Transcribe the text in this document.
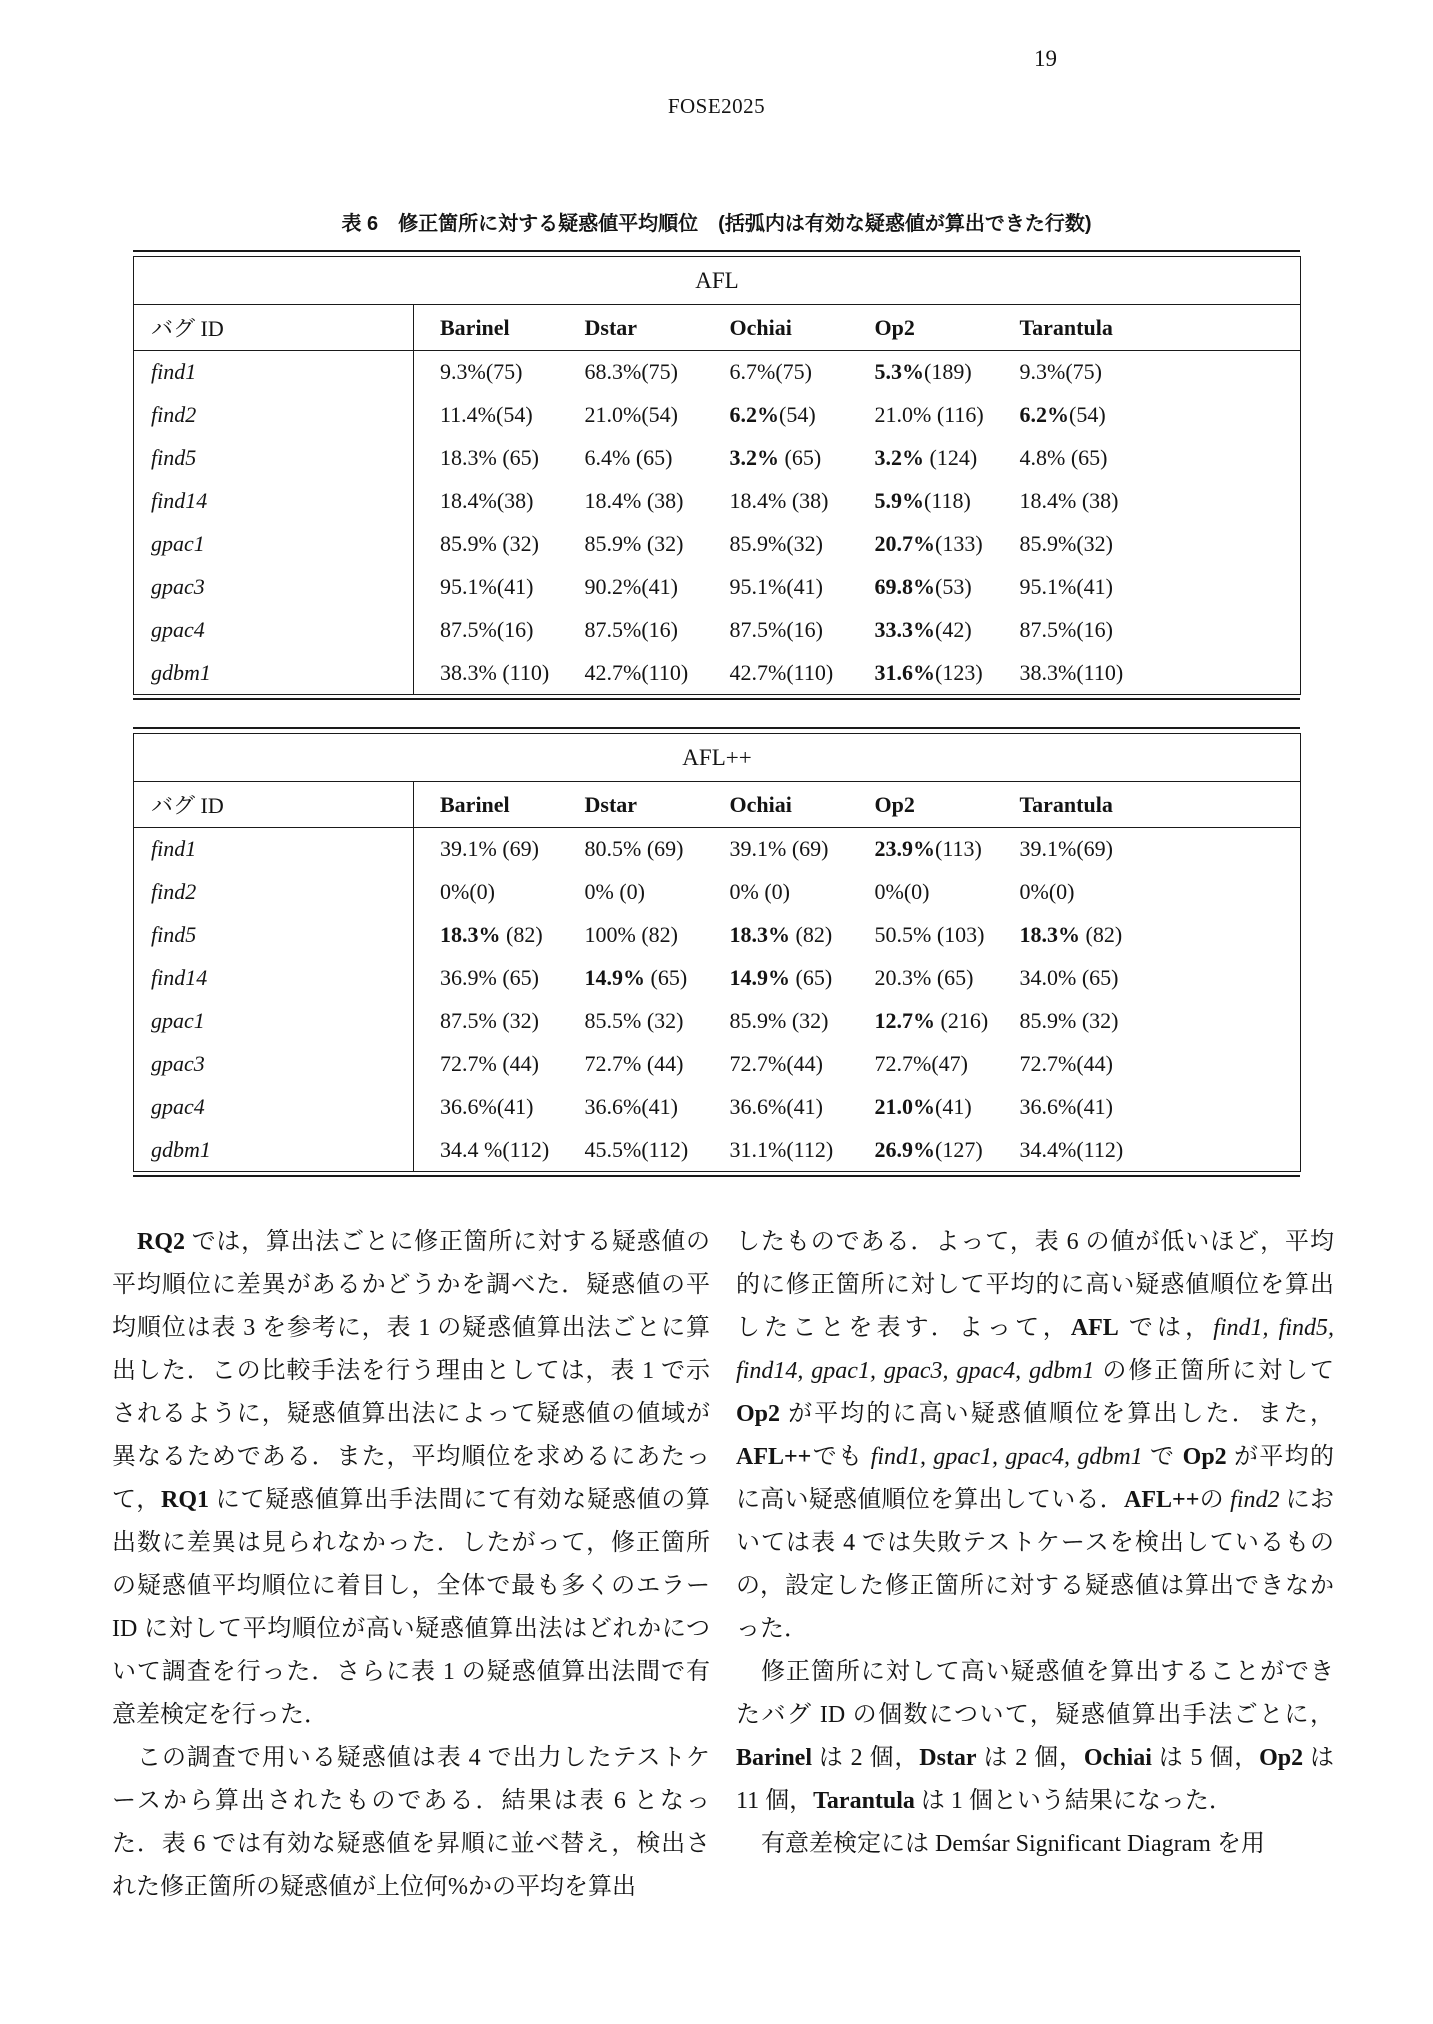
19
FOSE2025
表 6　修正箇所に対する疑惑値平均順位　(括弧内は有効な疑惑値が算出できた行数)
AFL					
バグ ID	Barinel	Dstar	Ochiai	Op2	Tarantula
find1	9.3%(75)	68.3%(75)	6.7%(75)	5.3%(189)	9.3%(75)
find2	11.4%(54)	21.0%(54)	6.2%(54)	21.0% (116)	6.2%(54)
find5	18.3% (65)	6.4% (65)	3.2% (65)	3.2% (124)	4.8% (65)
find14	18.4%(38)	18.4% (38)	18.4% (38)	5.9%(118)	18.4% (38)
gpac1	85.9% (32)	85.9% (32)	85.9%(32)	20.7%(133)	85.9%(32)
gpac3	95.1%(41)	90.2%(41)	95.1%(41)	69.8%(53)	95.1%(41)
gpac4	87.5%(16)	87.5%(16)	87.5%(16)	33.3%(42)	87.5%(16)
gdbm1	38.3% (110)	42.7%(110)	42.7%(110)	31.6%(123)	38.3%(110)
AFL++					
バグ ID	Barinel	Dstar	Ochiai	Op2	Tarantula
find1	39.1% (69)	80.5% (69)	39.1% (69)	23.9%(113)	39.1%(69)
find2	0%(0)	0% (0)	0% (0)	0%(0)	0%(0)
find5	18.3% (82)	100% (82)	18.3% (82)	50.5% (103)	18.3% (82)
find14	36.9% (65)	14.9% (65)	14.9% (65)	20.3% (65)	34.0% (65)
gpac1	87.5% (32)	85.5% (32)	85.9% (32)	12.7% (216)	85.9% (32)
gpac3	72.7% (44)	72.7% (44)	72.7%(44)	72.7%(47)	72.7%(44)
gpac4	36.6%(41)	36.6%(41)	36.6%(41)	21.0%(41)	36.6%(41)
gdbm1	34.4 %(112)	45.5%(112)	31.1%(112)	26.9%(127)	34.4%(112)

RQ2 では，算出法ごとに修正箇所に対する疑惑値の平均順位に差異があるかどうかを調べた．疑惑値の平均順位は表 3 を参考に，表 1 の疑惑値算出法ごとに算出した．この比較手法を行う理由としては，表 1 で示されるように，疑惑値算出法によって疑惑値の値域が異なるためである．また，平均順位を求めるにあたって，RQ1 にて疑惑値算出手法間にて有効な疑惑値の算出数に差異は見られなかった．したがって，修正箇所の疑惑値平均順位に着目し，全体で最も多くのエラー ID に対して平均順位が高い疑惑値算出法はどれかについて調査を行った．さらに表 1 の疑惑値算出法間で有意差検定を行った．

この調査で用いる疑惑値は表 4 で出力したテストケースから算出されたものである．結果は表 6 となった．表 6 では有効な疑惑値を昇順に並べ替え，検出された修正箇所の疑惑値が上位何%かの平均を算出

したものである．よって，表 6 の値が低いほど，平均的に修正箇所に対して平均的に高い疑惑値順位を算出したことを表す．よって，AFL では，find1, find5, find14, gpac1, gpac3, gpac4, gdbm1 の修正箇所に対して Op2 が平均的に高い疑惑値順位を算出した．また，AFL++でも find1, gpac1, gpac4, gdbm1 で Op2 が平均的に高い疑惑値順位を算出している．AFL++の find2 においては表 4 では失敗テストケースを検出しているものの，設定した修正箇所に対する疑惑値は算出できなかった．

修正箇所に対して高い疑惑値を算出することができたバグ ID の個数について，疑惑値算出手法ごとに，Barinel は 2 個，Dstar は 2 個，Ochiai は 5 個，Op2 は 11 個，Tarantula は 1 個という結果になった．

有意差検定には Demśar Significant Diagram を用
